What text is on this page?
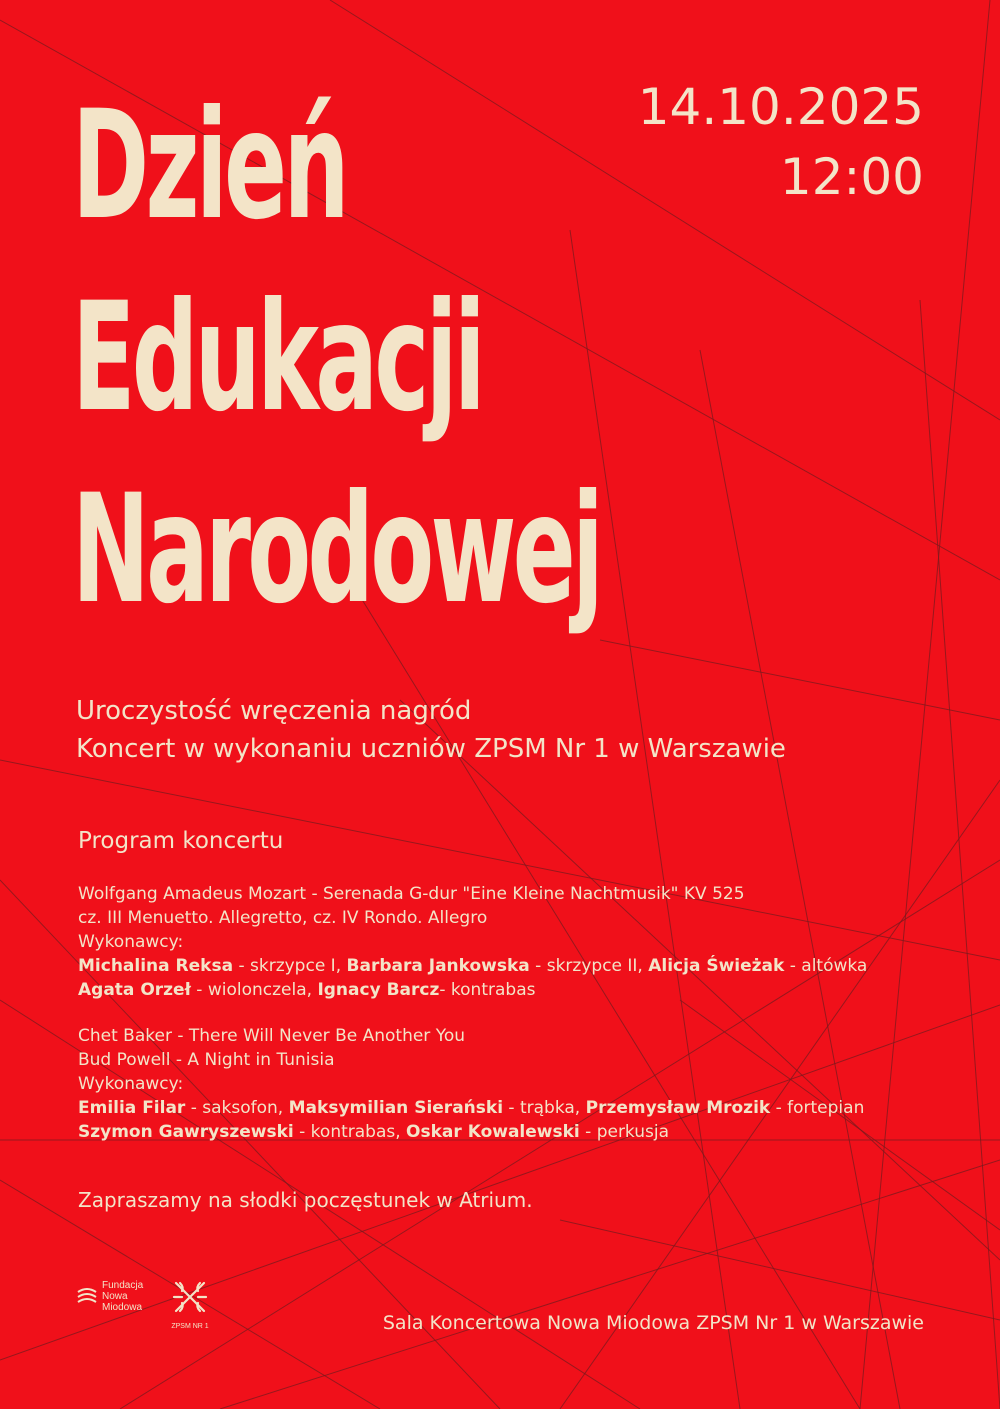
Dzień
Edukacji
Narodowej
14.10.2025
12:00
Uroczystość wręczenia nagród
Koncert w wykonaniu uczniów ZPSM Nr 1 w Warszawie
Program koncertu
Wolfgang Amadeus Mozart - Serenada G-dur "Eine Kleine Nachtmusik" KV 525
cz. III Menuetto. Allegretto, cz. IV Rondo. Allegro
Wykonawcy:
Michalina Reksa - skrzypce I, Barbara Jankowska - skrzypce II, Alicja Świeżak - altówka
Agata Orzeł - wiolonczela, Ignacy Barcz- kontrabas
Chet Baker - There Will Never Be Another You
Bud Powell - A Night in Tunisia
Wykonawcy:
Emilia Filar - saksofon, Maksymilian Sierański - trąbka, Przemysław Mrozik - fortepian
Szymon Gawryszewski - kontrabas, Oskar Kowalewski - perkusja
Zapraszamy na słodki poczęstunek w Atrium.
Fundacja
Nowa
Miodowa
ZPSM NR 1	Sala Koncertowa Nowa Miodowa ZPSM Nr 1 w Warszawie
